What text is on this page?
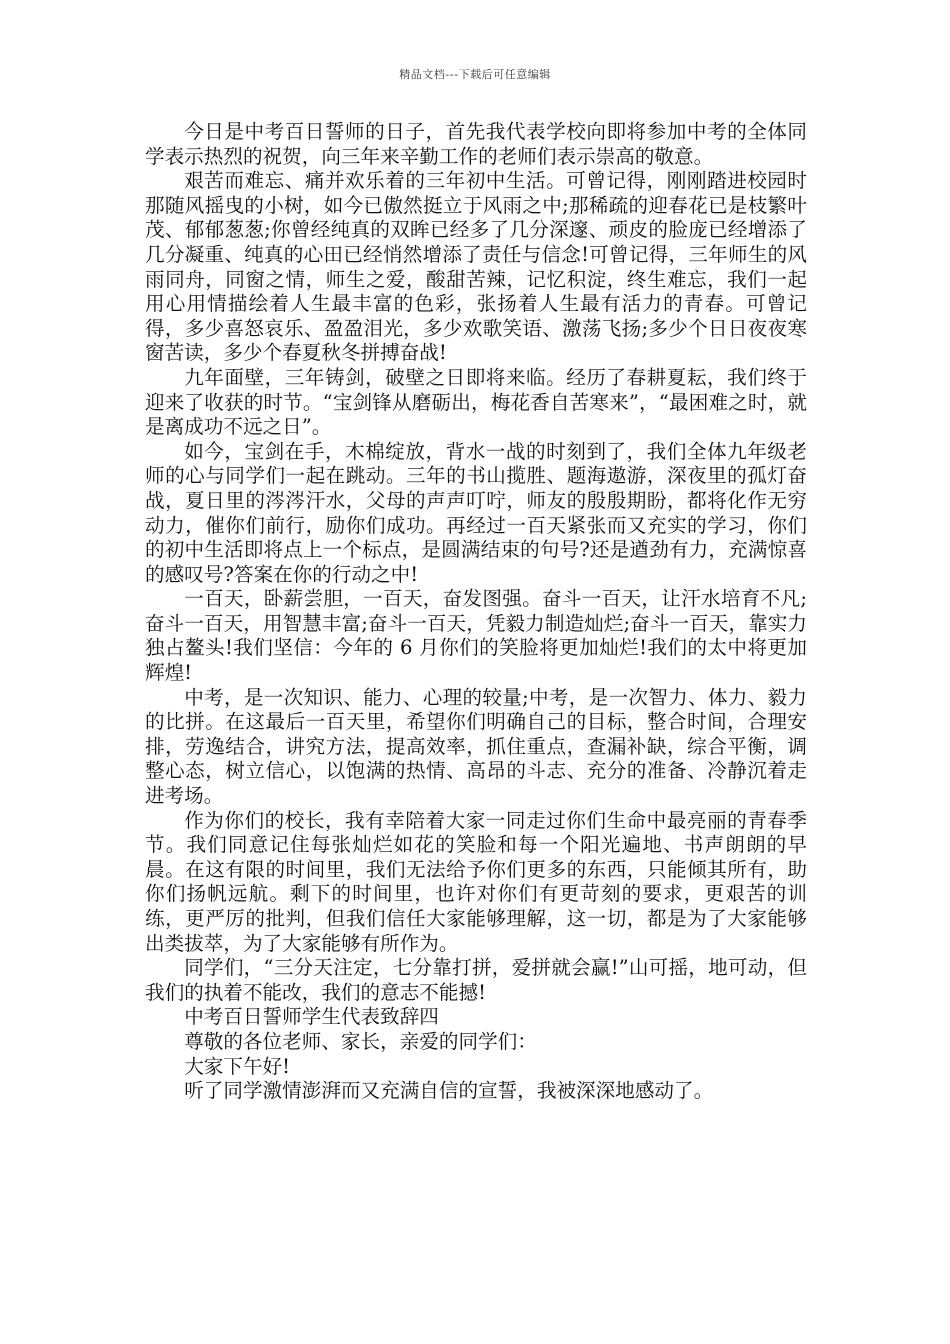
精品文档---下载后可任意编辑

今日是中考百日誓师的日子，首先我代表学校向即将参加中考的全体同学表示热烈的祝贺，向三年来辛勤工作的老师们表示崇高的敬意。

艰苦而难忘、痛并欢乐着的三年初中生活。可曾记得，刚刚踏进校园时那随风摇曳的小树，如今已傲然挺立于风雨之中;那稀疏的迎春花已是枝繁叶茂、郁郁葱葱;你曾经纯真的双眸已经多了几分深邃、顽皮的脸庞已经增添了几分凝重、纯真的心田已经悄然增添了责任与信念!可曾记得，三年师生的风雨同舟，同窗之情，师生之爱，酸甜苦辣，记忆积淀，终生难忘，我们一起用心用情描绘着人生最丰富的色彩，张扬着人生最有活力的青春。可曾记得，多少喜怒哀乐、盈盈泪光，多少欢歌笑语、激荡飞扬;多少个日日夜夜寒窗苦读，多少个春夏秋冬拼搏奋战!

九年面壁，三年铸剑，破壁之日即将来临。经历了春耕夏耘，我们终于迎来了收获的时节。“宝剑锋从磨砺出，梅花香自苦寒来”，“最困难之时，就是离成功不远之日”。

如今，宝剑在手，木棉绽放，背水一战的时刻到了，我们全体九年级老师的心与同学们一起在跳动。三年的书山揽胜、题海遨游，深夜里的孤灯奋战，夏日里的涔涔汗水，父母的声声叮咛，师友的殷殷期盼，都将化作无穷动力，催你们前行，励你们成功。再经过一百天紧张而又充实的学习，你们的初中生活即将点上一个标点，是圆满结束的句号?还是遒劲有力，充满惊喜的感叹号?答案在你的行动之中!

一百天，卧薪尝胆，一百天，奋发图强。奋斗一百天，让汗水培育不凡;奋斗一百天，用智慧丰富;奋斗一百天，凭毅力制造灿烂;奋斗一百天，靠实力独占鳌头!我们坚信：今年的 6 月你们的笑脸将更加灿烂!我们的太中将更加辉煌!

中考，是一次知识、能力、心理的较量;中考，是一次智力、体力、毅力的比拼。在这最后一百天里，希望你们明确自己的目标，整合时间，合理安排，劳逸结合，讲究方法，提高效率，抓住重点，查漏补缺，综合平衡，调整心态，树立信心，以饱满的热情、高昂的斗志、充分的准备、冷静沉着走进考场。

作为你们的校长，我有幸陪着大家一同走过你们生命中最亮丽的青春季节。我们同意记住每张灿烂如花的笑脸和每一个阳光遍地、书声朗朗的早晨。在这有限的时间里，我们无法给予你们更多的东西，只能倾其所有，助你们扬帆远航。剩下的时间里，也许对你们有更苛刻的要求，更艰苦的训练，更严厉的批判，但我们信任大家能够理解，这一切，都是为了大家能够出类拔萃，为了大家能够有所作为。

同学们，“三分天注定，七分靠打拼，爱拼就会赢!”山可摇，地可动，但我们的执着不能改，我们的意志不能撼!

中考百日誓师学生代表致辞四

尊敬的各位老师、家长，亲爱的同学们：

大家下午好!

听了同学激情澎湃而又充满自信的宣誓，我被深深地感动了。
